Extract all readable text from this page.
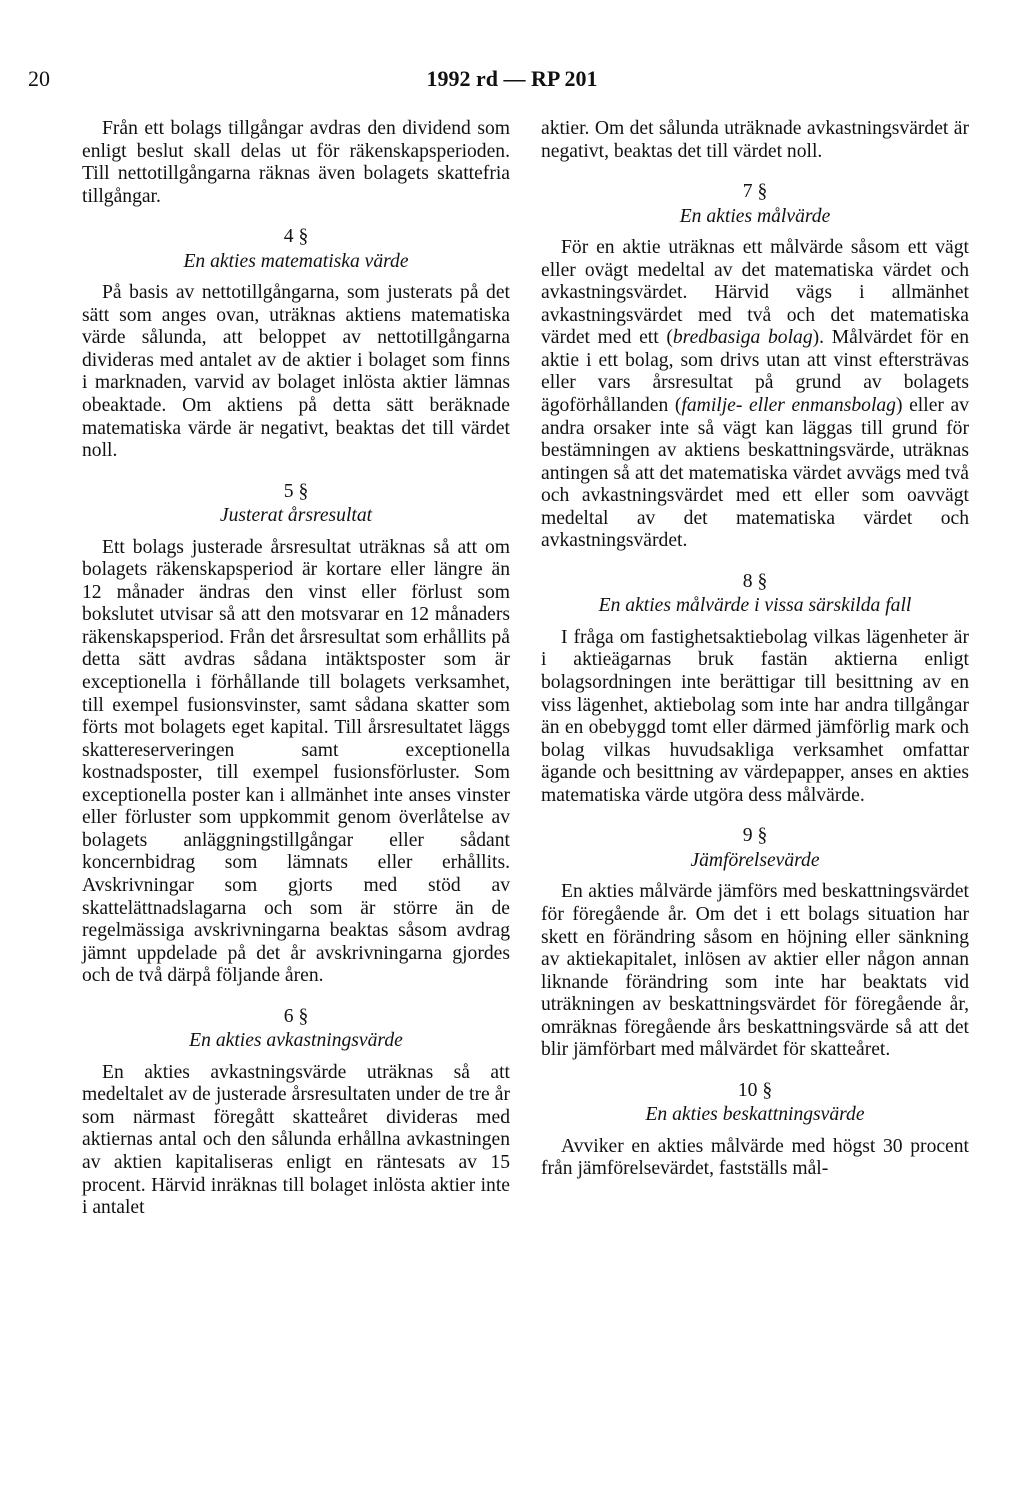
20	1992 rd — RP 201

Från ett bolags tillgångar avdras den dividend som enligt beslut skall delas ut för räkenskapsperioden. Till nettotillgångarna räknas även bolagets skattefria tillgångar.

4 §
En akties matematiska värde

På basis av nettotillgångarna, som justerats på det sätt som anges ovan, uträknas aktiens matematiska värde sålunda, att beloppet av nettotillgångarna divideras med antalet av de aktier i bolaget som finns i marknaden, varvid av bolaget inlösta aktier lämnas obeaktade. Om aktiens på detta sätt beräknade matematiska värde är negativt, beaktas det till värdet noll.

5 §
Justerat årsresultat

Ett bolags justerade årsresultat uträknas så att om bolagets räkenskapsperiod är kortare eller längre än 12 månader ändras den vinst eller förlust som bokslutet utvisar så att den motsvarar en 12 månaders räkenskapsperiod. Från det årsresultat som erhållits på detta sätt avdras sådana intäktsposter som är exceptionella i förhållande till bolagets verksamhet, till exempel fusionsvinster, samt sådana skatter som förts mot bolagets eget kapital. Till årsresultatet läggs skattereserveringen samt exceptionella kostnadsposter, till exempel fusionsförluster. Som exceptionella poster kan i allmänhet inte anses vinster eller förluster som uppkommit genom överlåtelse av bolagets anläggningstillgångar eller sådant koncernbidrag som lämnats eller erhållits. Avskrivningar som gjorts med stöd av skattelättnadslagarna och som är större än de regelmässiga avskrivningarna beaktas såsom avdrag jämnt uppdelade på det år avskrivningarna gjordes och de två därpå följande åren.

6 §
En akties avkastningsvärde

En akties avkastningsvärde uträknas så att medeltalet av de justerade årsresultaten under de tre år som närmast föregått skatteåret divideras med aktiernas antal och den sålunda erhållna avkastningen av aktien kapitaliseras enligt en räntesats av 15 procent. Härvid inräknas till bolaget inlösta aktier inte i antalet

aktier. Om det sålunda uträknade avkastningsvärdet är negativt, beaktas det till värdet noll.

7 §
En akties målvärde

För en aktie uträknas ett målvärde såsom ett vägt eller ovägt medeltal av det matematiska värdet och avkastningsvärdet. Härvid vägs i allmänhet avkastningsvärdet med två och det matematiska värdet med ett (bredbasiga bolag). Målvärdet för en aktie i ett bolag, som drivs utan att vinst eftersträvas eller vars årsresultat på grund av bolagets ägoförhållanden (familje- eller enmansbolag) eller av andra orsaker inte så vägt kan läggas till grund för bestämningen av aktiens beskattningsvärde, uträknas antingen så att det matematiska värdet avvägs med två och avkastningsvärdet med ett eller som oavvägt medeltal av det matematiska värdet och avkastningsvärdet.

8 §
En akties målvärde i vissa särskilda fall

I fråga om fastighetsaktiebolag vilkas lägenheter är i aktieägarnas bruk fastän aktierna enligt bolagsordningen inte berättigar till besittning av en viss lägenhet, aktiebolag som inte har andra tillgångar än en obebyggd tomt eller därmed jämförlig mark och bolag vilkas huvudsakliga verksamhet omfattar ägande och besittning av värdepapper, anses en akties matematiska värde utgöra dess målvärde.

9 §
Jämförelsevärde

En akties målvärde jämförs med beskattningsvärdet för föregående år. Om det i ett bolags situation har skett en förändring såsom en höjning eller sänkning av aktiekapitalet, inlösen av aktier eller någon annan liknande förändring som inte har beaktats vid uträkningen av beskattningsvärdet för föregående år, omräknas föregående års beskattningsvärde så att det blir jämförbart med målvärdet för skatteåret.

10 §
En akties beskattningsvärde

Avviker en akties målvärde med högst 30 procent från jämförelsevärdet, fastställs mål-
